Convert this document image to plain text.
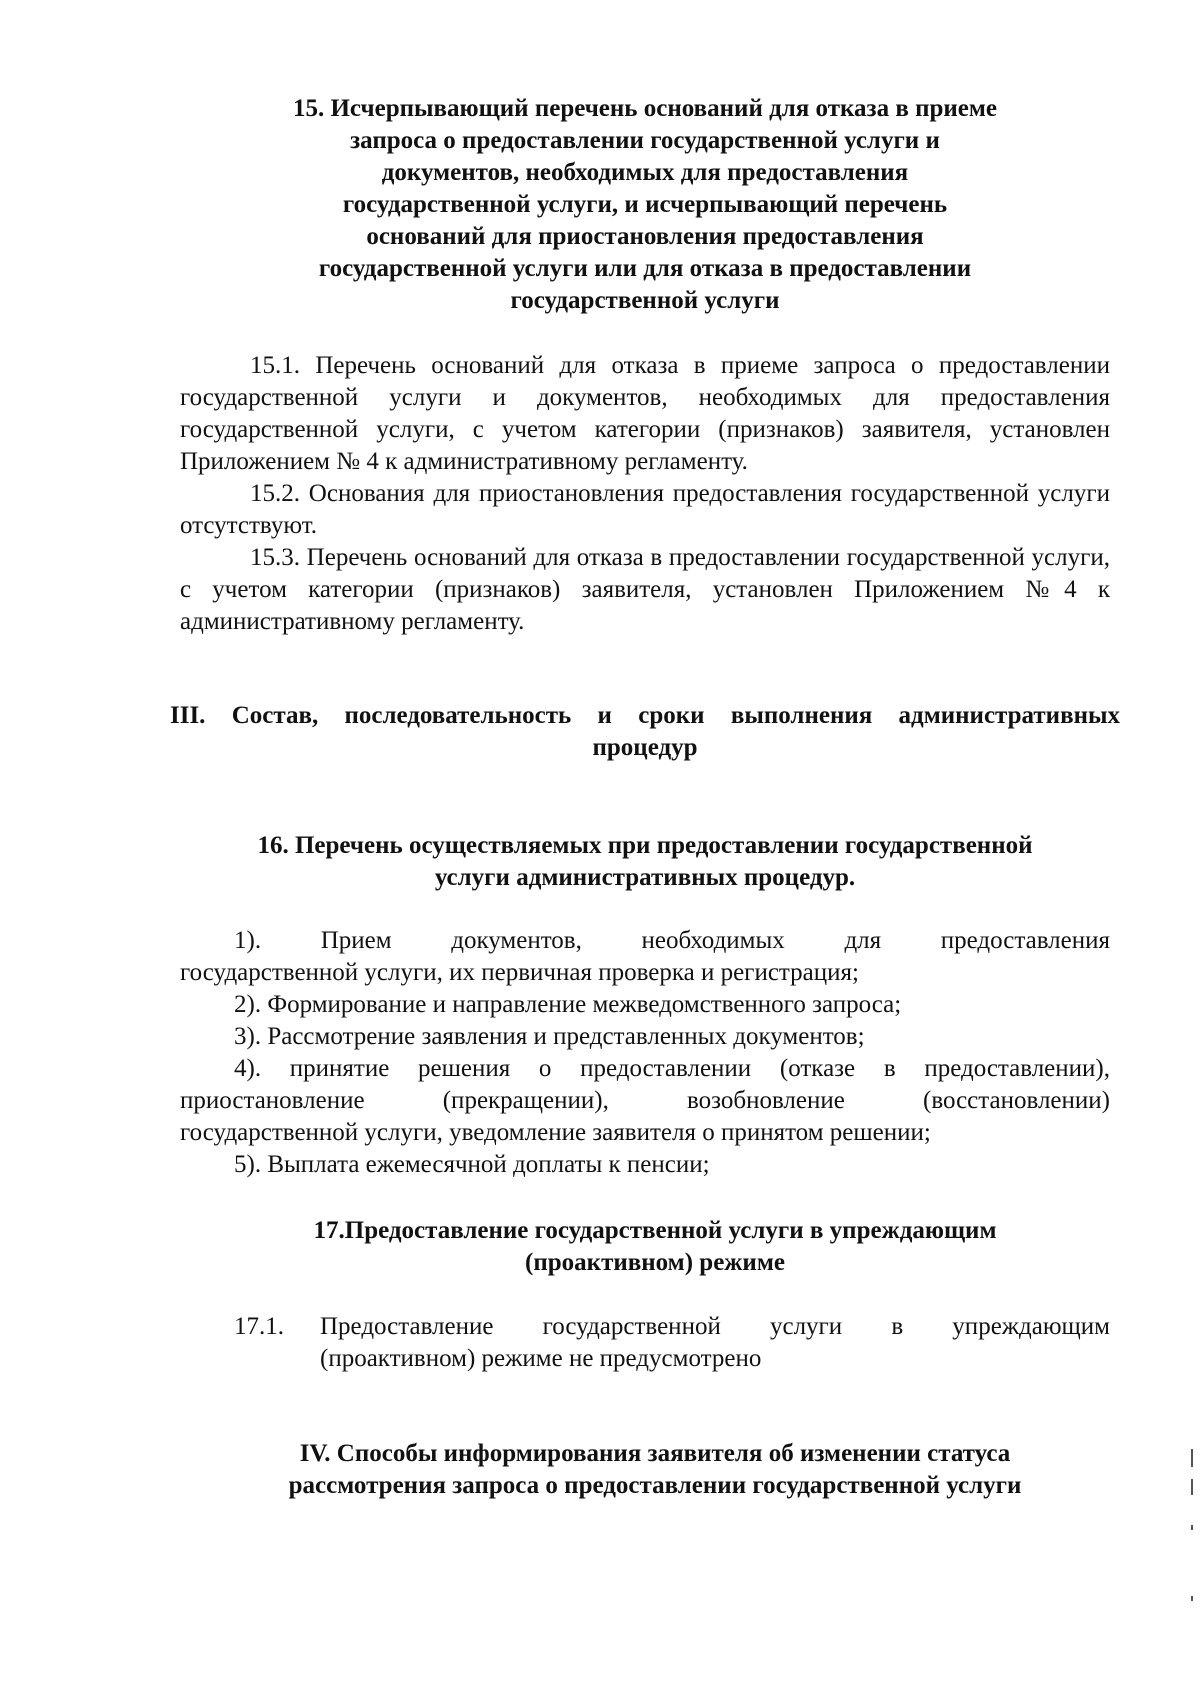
15. Исчерпывающий перечень оснований для отказа в приеме
запроса о предоставлении государственной услуги и
документов, необходимых для предоставления
государственной услуги, и исчерпывающий перечень
оснований для приостановления предоставления
государственной услуги или для отказа в предоставлении
государственной услуги

15.1. Перечень оснований для отказа в приеме запроса о предоставлении государственной услуги и документов, необходимых для предоставления государственной услуги, с учетом категории (признаков) заявителя, установлен Приложением № 4 к административному регламенту.

15.2. Основания для приостановления предоставления государственной услуги отсутствуют.

15.3. Перечень оснований для отказа в предоставлении государственной услуги, с учетом категории (признаков) заявителя, установлен Приложением №4 к административному регламенту.

III. Состав, последовательность и сроки выполнения административных
процедур
16. Перечень осуществляемых при предоставлении государственной
услуги административных процедур.

1). Прием документов, необходимых для предоставления

государственной услуги, их первичная проверка и регистрация;

2). Формирование и направление межведомственного запроса;

3). Рассмотрение заявления и представленных документов;

4). принятие решения о предоставлении (отказе в предоставлении),

приостановление (прекращении), возобновление (восстановлении)

государственной услуги, уведомление заявителя о принятом решении;

5). Выплата ежемесячной доплаты к пенсии;

17.Предоставление государственной услуги в упреждающим
(проактивном) режиме

17.1. Предоставление государственной услуги в упреждающим

(проактивном) режиме не предусмотрено

IV. Способы информирования заявителя об изменении статуса
рассмотрения запроса о предоставлении государственной услуги
